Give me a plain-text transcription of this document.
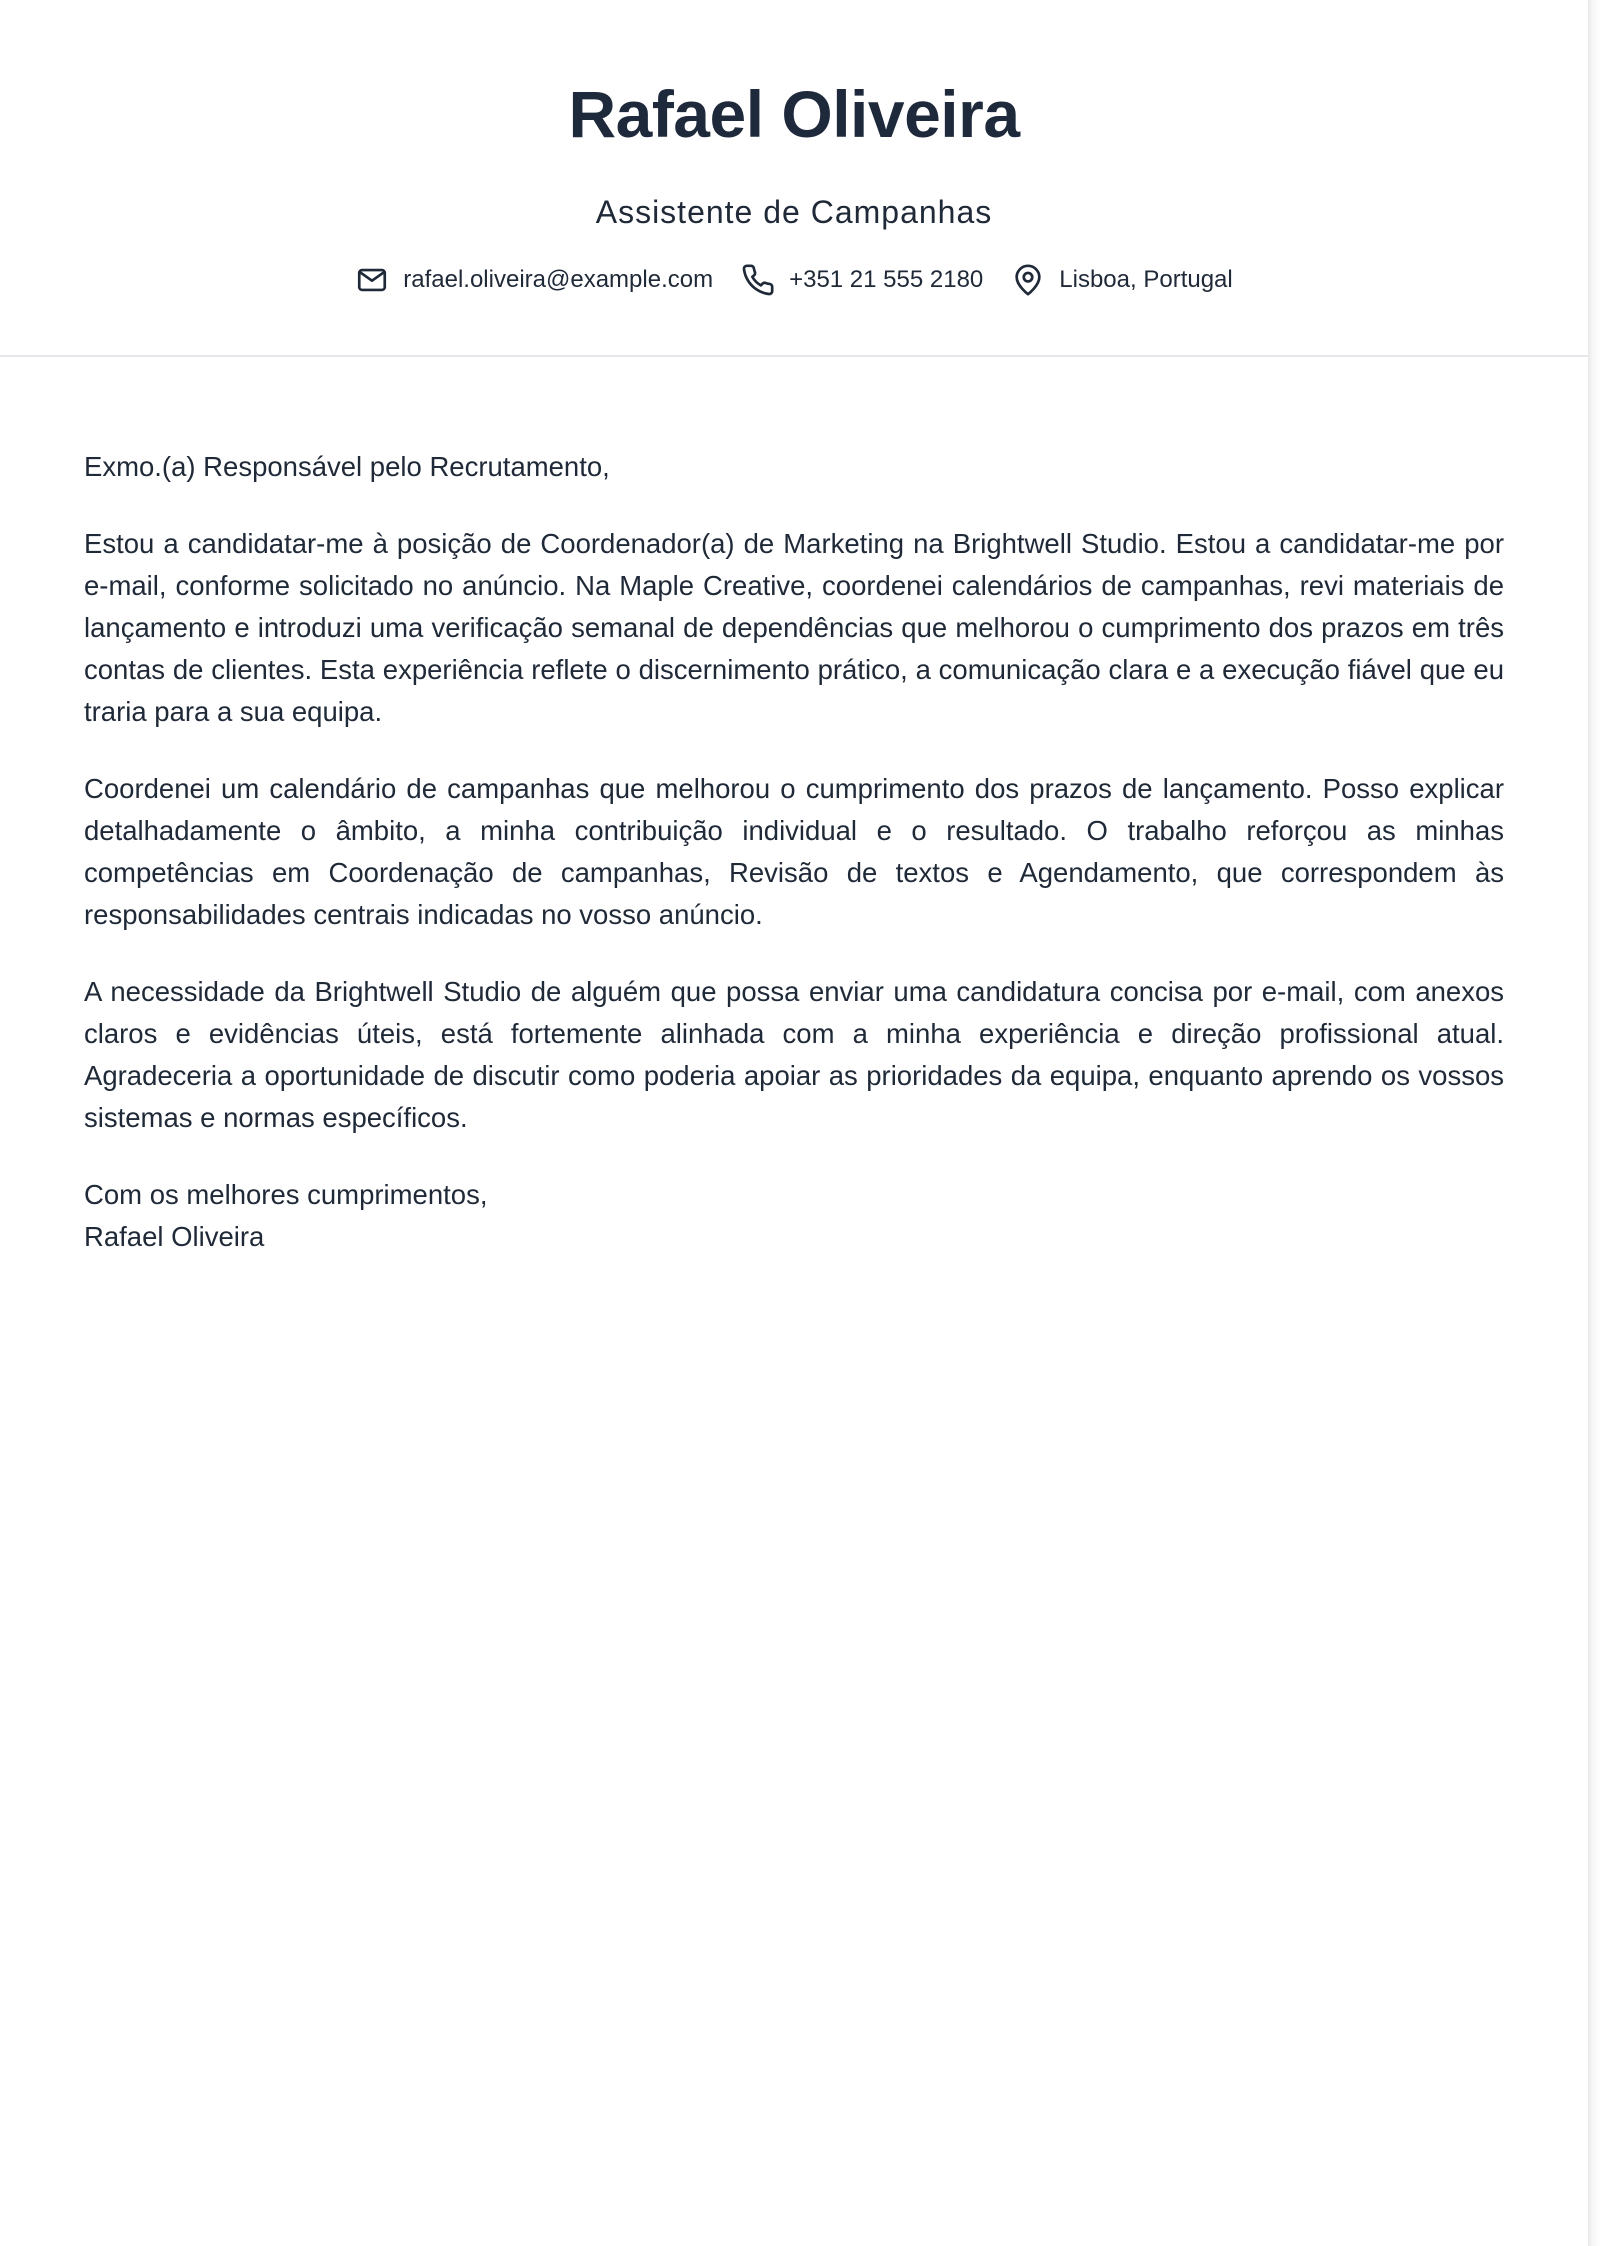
Rafael Oliveira
Assistente de Campanhas
rafael.oliveira@example.com	+351 21 555 2180	Lisboa, Portugal

Exmo.(a) Responsável pelo Recrutamento,

Estou a candidatar-me à posição de Coordenador(a) de Marketing na Brightwell Studio. Estou a candidatar-me por e-mail, conforme solicitado no anúncio. Na Maple Creative, coordenei calendários de campanhas, revi materiais de lançamento e introduzi uma verificação semanal de dependências que melhorou o cumprimento dos prazos em três contas de clientes. Esta experiência reflete o discernimento prático, a comunicação clara e a execução fiável que eu traria para a sua equipa.

Coordenei um calendário de campanhas que melhorou o cumprimento dos prazos de lançamento. Posso explicar detalhadamente o âmbito, a minha contribuição individual e o resultado. O trabalho reforçou as minhas competências em Coordenação de campanhas, Revisão de textos e Agendamento, que correspondem às responsabilidades centrais indicadas no vosso anúncio.

A necessidade da Brightwell Studio de alguém que possa enviar uma candidatura concisa por e-mail, com anexos claros e evidências úteis, está fortemente alinhada com a minha experiência e direção profissional atual. Agradeceria a oportunidade de discutir como poderia apoiar as prioridades da equipa, enquanto aprendo os vossos sistemas e normas específicos.

Com os melhores cumprimentos,
Rafael Oliveira
